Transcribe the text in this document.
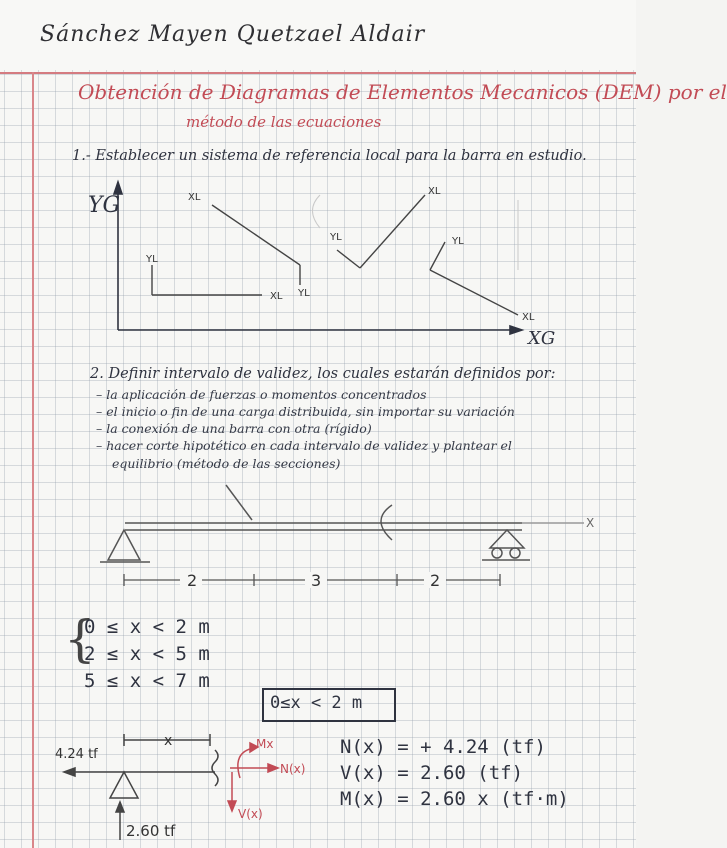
Sánchez Mayen Quetzael Aldair
Obtención de Diagramas de Elementos Mecanicos (DEM) por el
método de las ecuaciones
1.- Establecer un sistema de referencia local para la barra en estudio.
YG
XG
XL
XL
YL
YL
YL
XL
YL
XL
2. Definir intervalo de validez, los cuales estarán definidos por:
– la aplicación de fuerzas o momentos concentrados
– el inicio o fin de una carga distribuida, sin importar su variación
– la conexión de una barra con otra (rígido)
– hacer corte hipotético en cada intervalo de validez y plantear el
equilibrio (método de las secciones)
2	3	2
X
{
0 ≤ x < 2 m
2 ≤ x < 5 m
5 ≤ x < 7 m
0≤x < 2 m
4.24 tf
x
2.60 tf
Mx
N(x)
V(x)
N(x) = + 4.24 (tf)
V(x) = 2.60 (tf)
M(x) = 2.60 x (tf·m)
